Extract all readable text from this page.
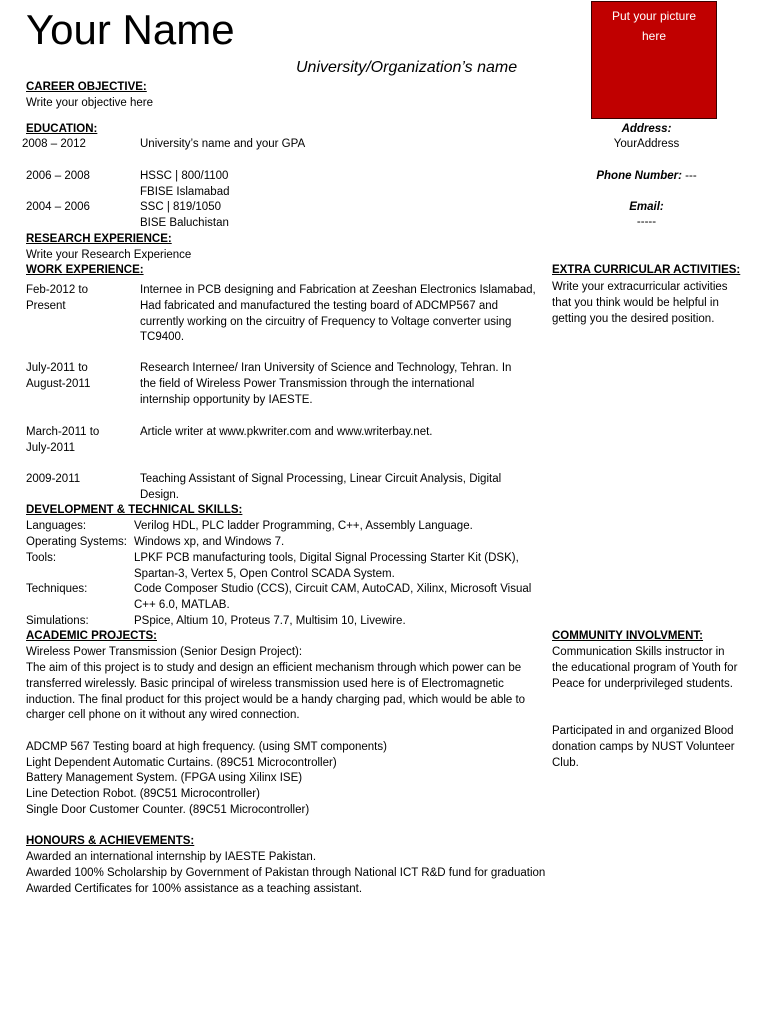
Your Name
University/Organization’s name
Put your picture here
CAREER OBJECTIVE:
Write your objective here
EDUCATION:
2008 – 2012	University’s name and your GPA
2006 – 2008	HSSC | 800/1100
FBISE Islamabad
2004 – 2006	SSC | 819/1050
BISE Baluchistan
Address:
YourAddress
Phone Number: ---
Email:
-----
RESEARCH EXPERIENCE:
Write your Research Experience
WORK EXPERIENCE:
Feb-2012 to Present
Internee in PCB designing and Fabrication at Zeeshan Electronics Islamabad, Had fabricated and manufactured the testing board of ADCMP567 and currently working on the circuitry of Frequency to Voltage converter using TC9400.
July-2011 to August-2011
Research Internee/ Iran University of Science and Technology, Tehran. In the field of Wireless Power Transmission through the international internship opportunity by IAESTE.
March-2011 to July-2011
Article writer at www.pkwriter.com and www.writerbay.net.
2009-2011	Teaching Assistant of Signal Processing, Linear Circuit Analysis, Digital Design.
EXTRA CURRICULAR ACTIVITIES:
Write your extracurricular activities that you think would be helpful in getting you the desired position.
DEVELOPMENT & TECHNICAL SKILLS:
Languages:	Verilog HDL, PLC ladder Programming, C++, Assembly Language.
Operating Systems: Windows xp, and Windows 7.
Tools:	LPKF PCB manufacturing tools, Digital Signal Processing Starter Kit (DSK), Spartan-3, Vertex 5, Open Control SCADA System.
Techniques:	Code Composer Studio (CCS), Circuit CAM, AutoCAD, Xilinx, Microsoft Visual C++ 6.0, MATLAB.
Simulations:	PSpice, Altium 10, Proteus 7.7, Multisim 10, Livewire.
ACADEMIC PROJECTS:
Wireless Power Transmission (Senior Design Project):
The aim of this project is to study and design an efficient mechanism through which power can be transferred wirelessly. Basic principal of wireless transmission used here is of Electromagnetic induction. The final product for this project would be a handy charging pad, which would be able to charger cell phone on it without any wired connection.
ADCMP 567 Testing board at high frequency. (using SMT components)
Light Dependent Automatic Curtains. (89C51 Microcontroller)
Battery Management System. (FPGA using Xilinx ISE)
Line Detection Robot. (89C51 Microcontroller)
Single Door Customer Counter. (89C51 Microcontroller)
COMMUNITY INVOLVMENT:
Communication Skills instructor in the educational program of Youth for Peace for underprivileged students.
Participated in and organized Blood donation camps by NUST Volunteer Club.
HONOURS & ACHIEVEMENTS:
Awarded an international internship by IAESTE Pakistan.
Awarded 100% Scholarship by Government of Pakistan through National ICT R&D fund for graduation
Awarded Certificates for 100% assistance as a teaching assistant.
